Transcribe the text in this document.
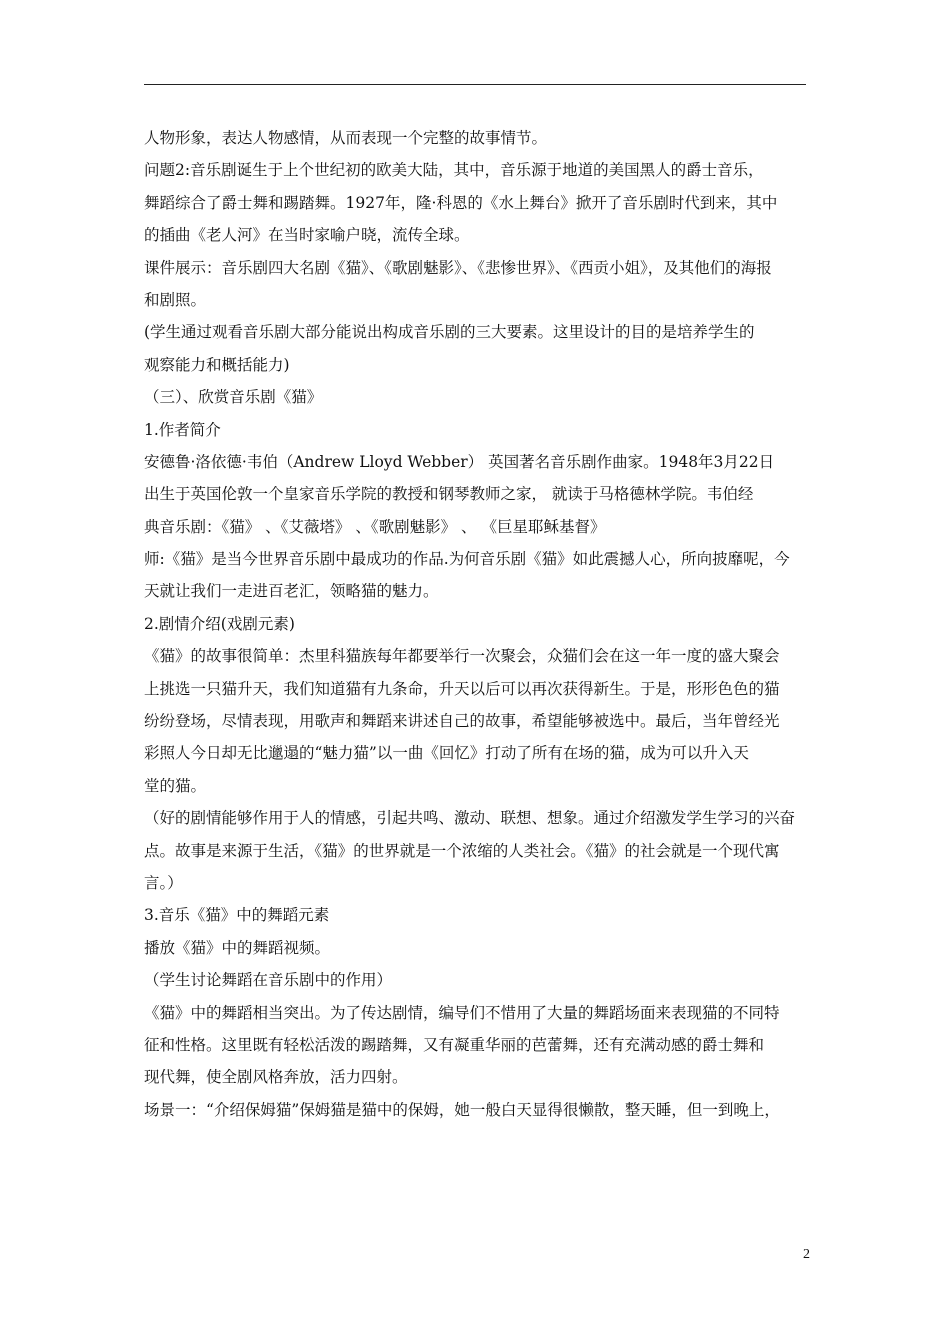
人物形象，表达人物感情，从而表现一个完整的故事情节。
问题2:音乐剧诞生于上个世纪初的欧美大陆，其中，音乐源于地道的美国黑人的爵士音乐，
舞蹈综合了爵士舞和踢踏舞。1927年，隆·科恩的《水上舞台》掀开了音乐剧时代到来，其中
的插曲《老人河》在当时家喻户晓，流传全球。
课件展示：音乐剧四大名剧《猫》、《歌剧魅影》、《悲惨世界》、《西贡小姐》，及其他们的海报
和剧照。
(学生通过观看音乐剧大部分能说出构成音乐剧的三大要素。这里设计的目的是培养学生的
观察能力和概括能力)
（三）、欣赏音乐剧《猫》
1.作者简介
安德鲁·洛依德·韦伯（Andrew Lloyd Webber） 英国著名音乐剧作曲家。1948年3月22日
出生于英国伦敦一个皇家音乐学院的教授和钢琴教师之家， 就读于马格德林学院。韦伯经
典音乐剧：《猫》 、《艾薇塔》 、《歌剧魅影》 、 《巨星耶稣基督》
师:《猫》是当今世界音乐剧中最成功的作品.为何音乐剧《猫》如此震撼人心，所向披靡呢，今
天就让我们一走进百老汇，领略猫的魅力。
2.剧情介绍(戏剧元素)
《猫》的故事很简单：杰里科猫族每年都要举行一次聚会，众猫们会在这一年一度的盛大聚会
上挑选一只猫升天，我们知道猫有九条命，升天以后可以再次获得新生。于是，形形色色的猫
纷纷登场，尽情表现，用歌声和舞蹈来讲述自己的故事，希望能够被选中。最后，当年曾经光
彩照人今日却无比邋遢的“魅力猫”以一曲《回忆》打动了所有在场的猫，成为可以升入天
堂的猫。
（好的剧情能够作用于人的情感，引起共鸣、激动、联想、想象。通过介绍激发学生学习的兴奋
点。故事是来源于生活，《猫》的世界就是一个浓缩的人类社会。《猫》的社会就是一个现代寓
言。）
3.音乐《猫》中的舞蹈元素
播放《猫》中的舞蹈视频。
（学生讨论舞蹈在音乐剧中的作用）
《猫》中的舞蹈相当突出。为了传达剧情，编导们不惜用了大量的舞蹈场面来表现猫的不同特
征和性格。这里既有轻松活泼的踢踏舞，又有凝重华丽的芭蕾舞，还有充满动感的爵士舞和
现代舞，使全剧风格奔放，活力四射。
场景一：“介绍保姆猫”保姆猫是猫中的保姆，她一般白天显得很懒散，整天睡，但一到晚上，
2
